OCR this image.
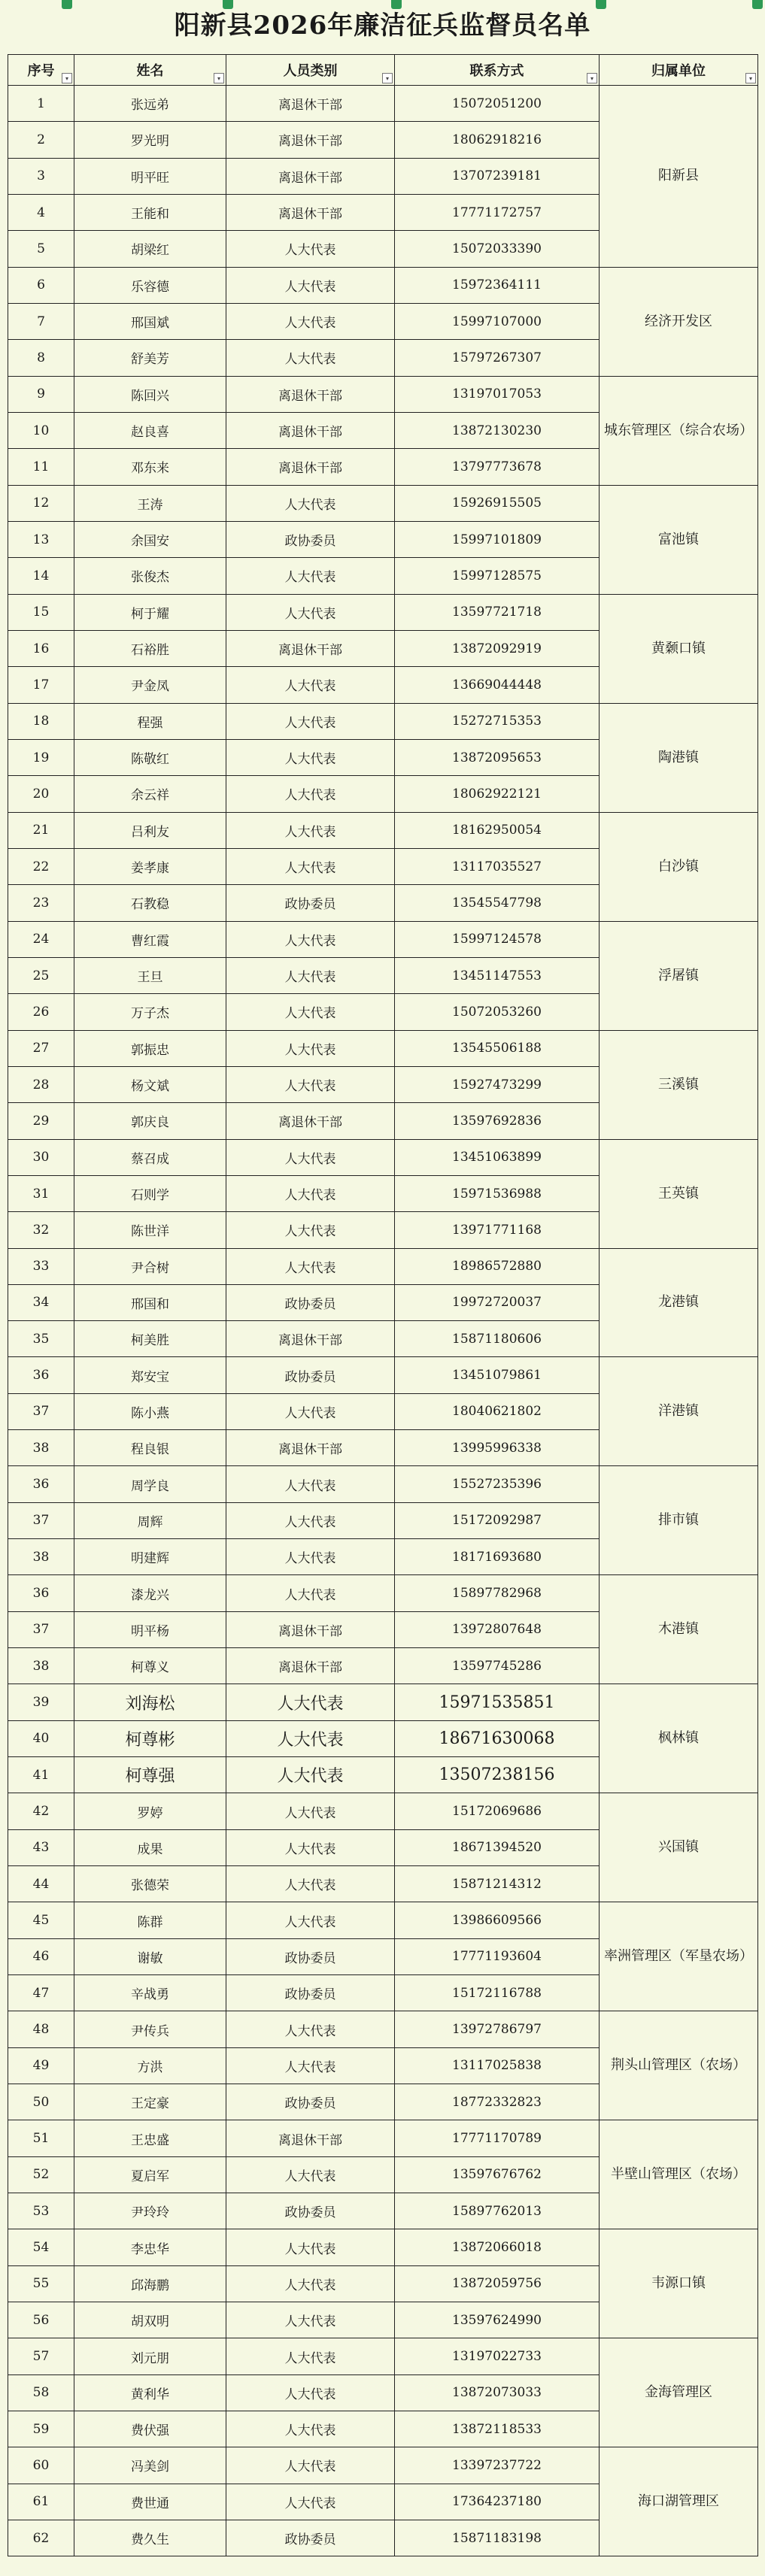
阳新县2026年廉洁征兵监督员名单
序号 ▾	姓名 ▾	人员类别 ▾	联系方式 ▾	归属单位 ▾

1	张远弟	离退休干部	15072051200	阳新县
2	罗光明	离退休干部	18062918216	
3	明平旺	离退休干部	13707239181	
4	王能和	离退休干部	17771172757	
5	胡梁红	人大代表	15072033390	
6	乐容德	人大代表	15972364111	经济开发区
7	邢国斌	人大代表	15997107000	
8	舒美芳	人大代表	15797267307	
9	陈回兴	离退休干部	13197017053	城东管理区（综合农场）
10	赵良喜	离退休干部	13872130230	
11	邓东来	离退休干部	13797773678	
12	王涛	人大代表	15926915505	富池镇
13	余国安	政协委员	15997101809	
14	张俊杰	人大代表	15997128575	
15	柯于耀	人大代表	13597721718	黄颡口镇
16	石裕胜	离退休干部	13872092919	
17	尹金凤	人大代表	13669044448	
18	程强	人大代表	15272715353	陶港镇
19	陈敬红	人大代表	13872095653	
20	余云祥	人大代表	18062922121	
21	吕利友	人大代表	18162950054	白沙镇
22	姜孝康	人大代表	13117035527	
23	石教稳	政协委员	13545547798	
24	曹红霞	人大代表	15997124578	浮屠镇
25	王旦	人大代表	13451147553	
26	万子杰	人大代表	15072053260	
27	郭振忠	人大代表	13545506188	三溪镇
28	杨文斌	人大代表	15927473299	
29	郭庆良	离退休干部	13597692836	
30	蔡召成	人大代表	13451063899	王英镇
31	石则学	人大代表	15971536988	
32	陈世洋	人大代表	13971771168	
33	尹合树	人大代表	18986572880	龙港镇
34	邢国和	政协委员	19972720037	
35	柯美胜	离退休干部	15871180606	
36	郑安宝	政协委员	13451079861	洋港镇
37	陈小燕	人大代表	18040621802	
38	程良银	离退休干部	13995996338	
36	周学良	人大代表	15527235396	排市镇
37	周辉	人大代表	15172092987	
38	明建辉	人大代表	18171693680	
36	漆龙兴	人大代表	15897782968	木港镇
37	明平杨	离退休干部	13972807648	
38	柯尊义	离退休干部	13597745286	
39	刘海松	人大代表	15971535851	枫林镇
40	柯尊彬	人大代表	18671630068	
41	柯尊强	人大代表	13507238156	
42	罗婷	人大代表	15172069686	兴国镇
43	成果	人大代表	18671394520	
44	张德荣	人大代表	15871214312	
45	陈群	人大代表	13986609566	率洲管理区（军垦农场）
46	谢敏	政协委员	17771193604	
47	辛战勇	政协委员	15172116788	
48	尹传兵	人大代表	13972786797	荆头山管理区（农场）
49	方洪	人大代表	13117025838	
50	王定豪	政协委员	18772332823	
51	王忠盛	离退休干部	17771170789	半壁山管理区（农场）
52	夏启军	人大代表	13597676762	
53	尹玲玲	政协委员	15897762013	
54	李忠华	人大代表	13872066018	韦源口镇
55	邱海鹏	人大代表	13872059756	
56	胡双明	人大代表	13597624990	
57	刘元朋	人大代表	13197022733	金海管理区
58	黄利华	人大代表	13872073033	
59	费伏强	人大代表	13872118533	
60	冯美剑	人大代表	13397237722	海口湖管理区
61	费世通	人大代表	17364237180	
62	费久生	政协委员	15871183198	
